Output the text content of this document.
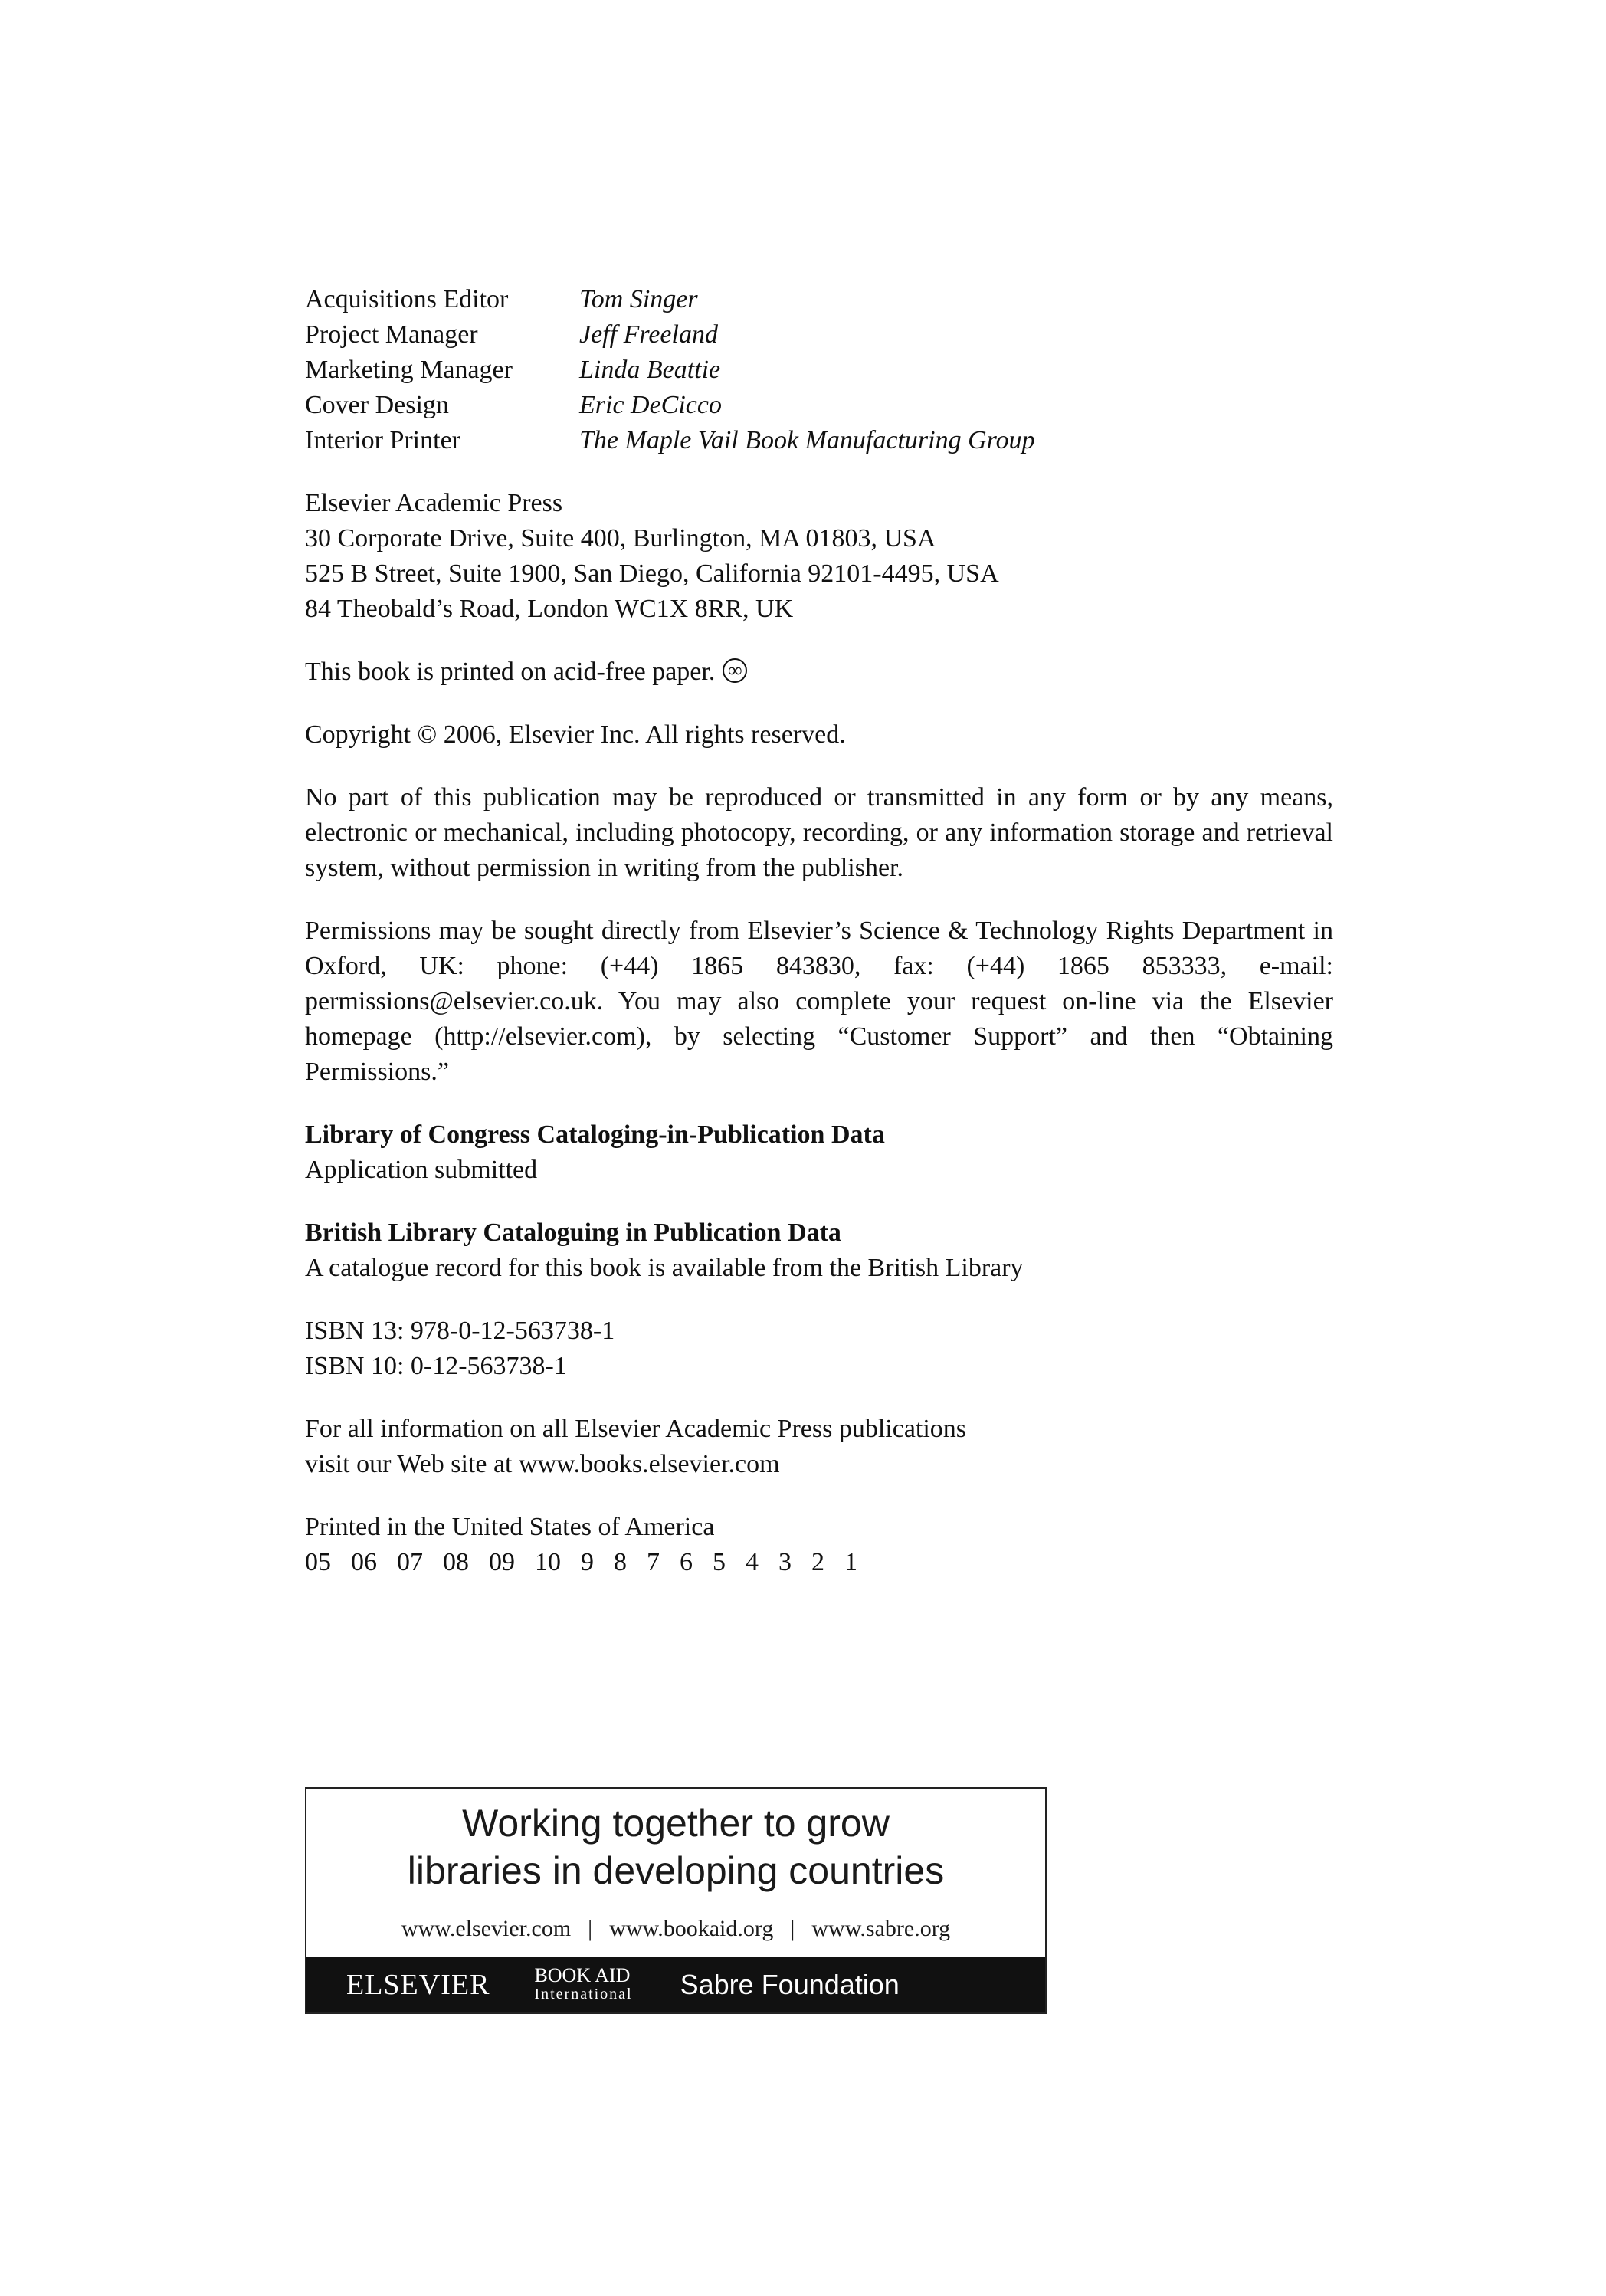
Acquisitions Editor	Tom Singer
Project Manager	Jeff Freeland
Marketing Manager	Linda Beattie
Cover Design	Eric DeCicco
Interior Printer	The Maple Vail Book Manufacturing Group
Elsevier Academic Press
30 Corporate Drive, Suite 400, Burlington, MA 01803, USA
525 B Street, Suite 1900, San Diego, California 92101-4495, USA
84 Theobald’s Road, London WC1X 8RR, UK
This book is printed on acid-free paper.∞
Copyright © 2006, Elsevier Inc. All rights reserved.
No part of this publication may be reproduced or transmitted in any form or by any means, electronic or mechanical, including photocopy, recording, or any information storage and retrieval system, without permission in writing from the publisher.
Permissions may be sought directly from Elsevier’s Science & Technology Rights Department in Oxford, UK: phone: (+44) 1865 843830, fax: (+44) 1865 853333, e-mail: permissions@elsevier.co.uk. You may also complete your request on-line via the Elsevier homepage (http://elsevier.com), by selecting “Customer Support” and then “Obtaining Permissions.”
Library of Congress Cataloging-in-Publication Data
Application submitted
British Library Cataloguing in Publication Data
A catalogue record for this book is available from the British Library
ISBN 13: 978-0-12-563738-1
ISBN 10: 0-12-563738-1
For all information on all Elsevier Academic Press publications
visit our Web site at www.books.elsevier.com
Printed in the United States of America
05 06 07 08 09 10 9 8 7 6 5 4 3 2 1
Working together to grow
libraries in developing countries
www.elsevier.com | www.bookaid.org | www.sabre.org
ELSEVIER BOOK AID
International Sabre Foundation
